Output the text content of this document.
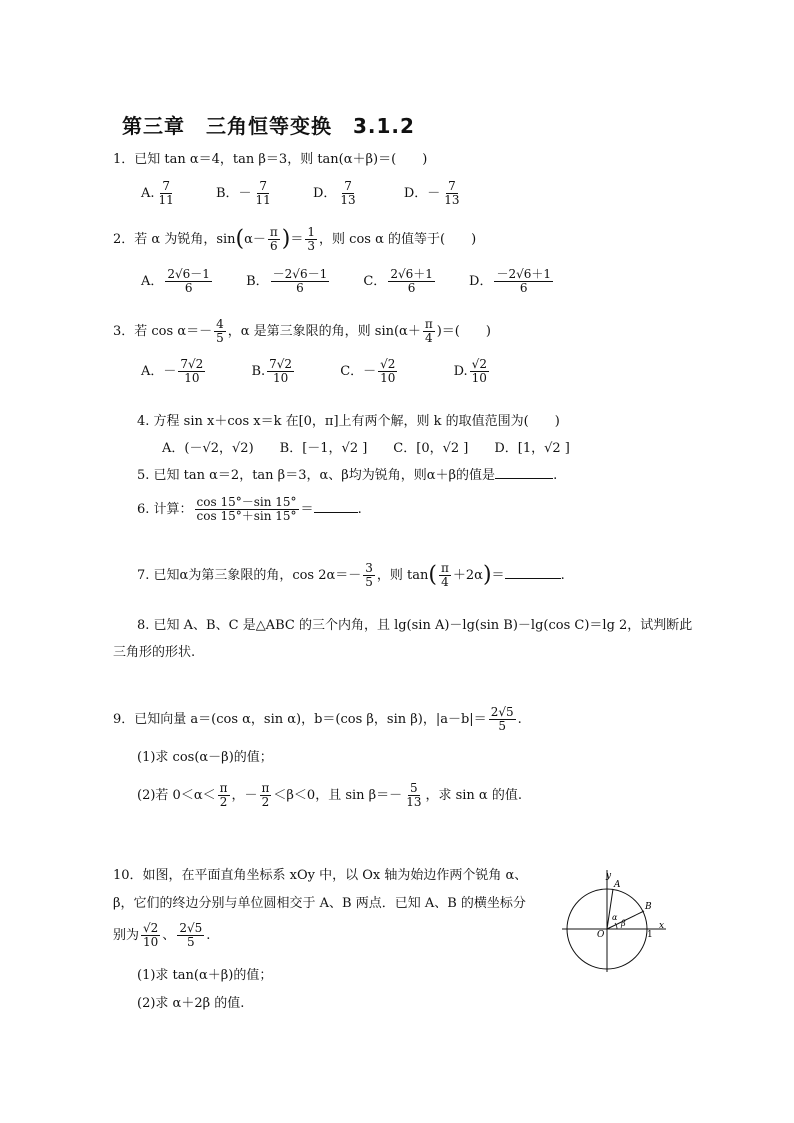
第三章　三角恒等变换　3.1.2
1．已知 tan α＝4，tan β＝3，则 tan(α＋β)＝(　　)
A. $\frac{7}{11}$	B．－ $\frac{7}{11}$	D． $\frac{7}{13}$	D．－ $\frac{7}{13}$
2．若 α 为锐角，$\sin(\alpha- \frac{\pi}{6}$ )＝ $\frac{1}{3}$ ，则 cos α 的值等于(　　)
A． $\frac{2√6-1}{6}$	B． $\frac{-2√6-1}{6}$	C． $\frac{2√6+1}{6}$	D． $\frac{-2√6+1}{6}$
3．若 $\cos \alpha=- \frac{4}{5}$ ，α 是第三象限的角，则 $\sin(\alpha+ \frac{\pi}{4}$ )＝(　　)
A．－ $\frac{7√2}{10}$	B. $\frac{7√2}{10}$	C．－ $\frac{√2}{10}$	D. $\frac{√2}{10}$
4. 方程 sin x＋cos x＝k 在[0，π]上有两个解，则 k 的取值范围为(　　)
A．(－√2，√2)　　B．[－1，√2 ]　　C．[0，√2 ]　　D．[1，√2 ]
5. 已知 tan α＝2，tan β＝3，α、β均为锐角，则α＋β的值是	.
6. 计算： $\frac{\cos 15^\circ-\sin 15^\circ}{\cos 15^\circ+\sin 15^\circ}$ ＝	.
7. 已知α为第三象限的角，$\cos 2\alpha=- \frac{3}{5}$ ，则 $\tan( \frac{\pi}{4} +2\alpha)=$	.
8. 已知 A、B、C 是△ABC 的三个内角，且 lg(sin A)－lg(sin B)－lg(cos C)＝lg 2，试判断此
三角形的形状.
9．已知向量 a＝(cos α，sin α)，b＝(cos β，sin β)，$|a-b|= \frac{2√5}{5}$ .
(1)求 cos(α－β)的值；
(2)若 $0<\alpha< \frac{\pi}{2}$ ，－ $\frac{\pi}{2} <\beta<0$，且 $\sin \beta=- \frac{5}{13}$ ，求 sin α 的值.
10．如图，在平面直角坐标系 xOy 中，以 Ox 轴为始边作两个锐角 α、
β，它们的终边分别与单位圆相交于 A、B 两点．已知 A、B 的横坐标分
别为 $\frac{√2}{10}$ 、 $\frac{2√5}{5}$ .
(1)求 tan(α＋β)的值；
(2)求 α＋2β 的值.
y
x
O	1
A
B
α
β
